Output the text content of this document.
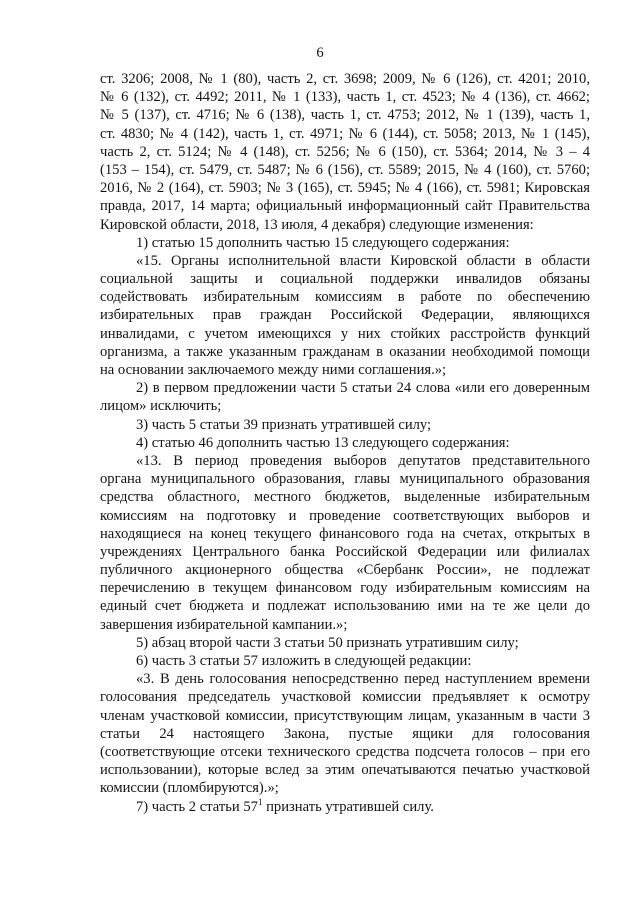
6
ст. 3206; 2008, № 1 (80), часть 2, ст. 3698; 2009, № 6 (126), ст. 4201; 2010,
№ 6 (132), ст. 4492; 2011, № 1 (133), часть 1, ст. 4523; № 4 (136), ст. 4662;
№ 5 (137), ст. 4716; № 6 (138), часть 1, ст. 4753; 2012, № 1 (139), часть 1,
ст. 4830; № 4 (142), часть 1, ст. 4971; № 6 (144), ст. 5058; 2013, № 1 (145),
часть 2, ст. 5124; № 4 (148), ст. 5256; № 6 (150), ст. 5364; 2014, № 3 – 4
(153 – 154), ст. 5479, ст. 5487; № 6 (156), ст. 5589; 2015, № 4 (160), ст. 5760;
2016, № 2 (164), ст. 5903; № 3 (165), ст. 5945; № 4 (166), ст. 5981; Кировская
правда, 2017, 14 марта; официальный информационный сайт Правительства
Кировской области, 2018, 13 июля, 4 декабря) следующие изменения:
1) статью 15 дополнить частью 15 следующего содержания:
«15. Органы исполнительной власти Кировской области в области
социальной защиты и социальной поддержки инвалидов обязаны
содействовать избирательным комиссиям в работе по обеспечению
избирательных прав граждан Российской Федерации, являющихся
инвалидами, с учетом имеющихся у них стойких расстройств функций
организма, а также указанным гражданам в оказании необходимой помощи
на основании заключаемого между ними соглашения.»;
2) в первом предложении части 5 статьи 24 слова «или его доверенным
лицом» исключить;
3) часть 5 статьи 39 признать утратившей силу;
4) статью 46 дополнить частью 13 следующего содержания:
«13. В период проведения выборов депутатов представительного
органа муниципального образования, главы муниципального образования
средства областного, местного бюджетов, выделенные избирательным
комиссиям на подготовку и проведение соответствующих выборов и
находящиеся на конец текущего финансового года на счетах, открытых в
учреждениях Центрального банка Российской Федерации или филиалах
публичного акционерного общества «Сбербанк России», не подлежат
перечислению в текущем финансовом году избирательным комиссиям на
единый счет бюджета и подлежат использованию ими на те же цели до
завершения избирательной кампании.»;
5) абзац второй части 3 статьи 50 признать утратившим силу;
6) часть 3 статьи 57 изложить в следующей редакции:
«3. В день голосования непосредственно перед наступлением времени
голосования председатель участковой комиссии предъявляет к осмотру
членам участковой комиссии, присутствующим лицам, указанным в части 3
статьи 24 настоящего Закона, пустые ящики для голосования
(соответствующие отсеки технического средства подсчета голосов – при его
использовании), которые вслед за этим опечатываются печатью участковой
комиссии (пломбируются).»;
7) часть 2 статьи $57^1$ признать утратившей силу.
